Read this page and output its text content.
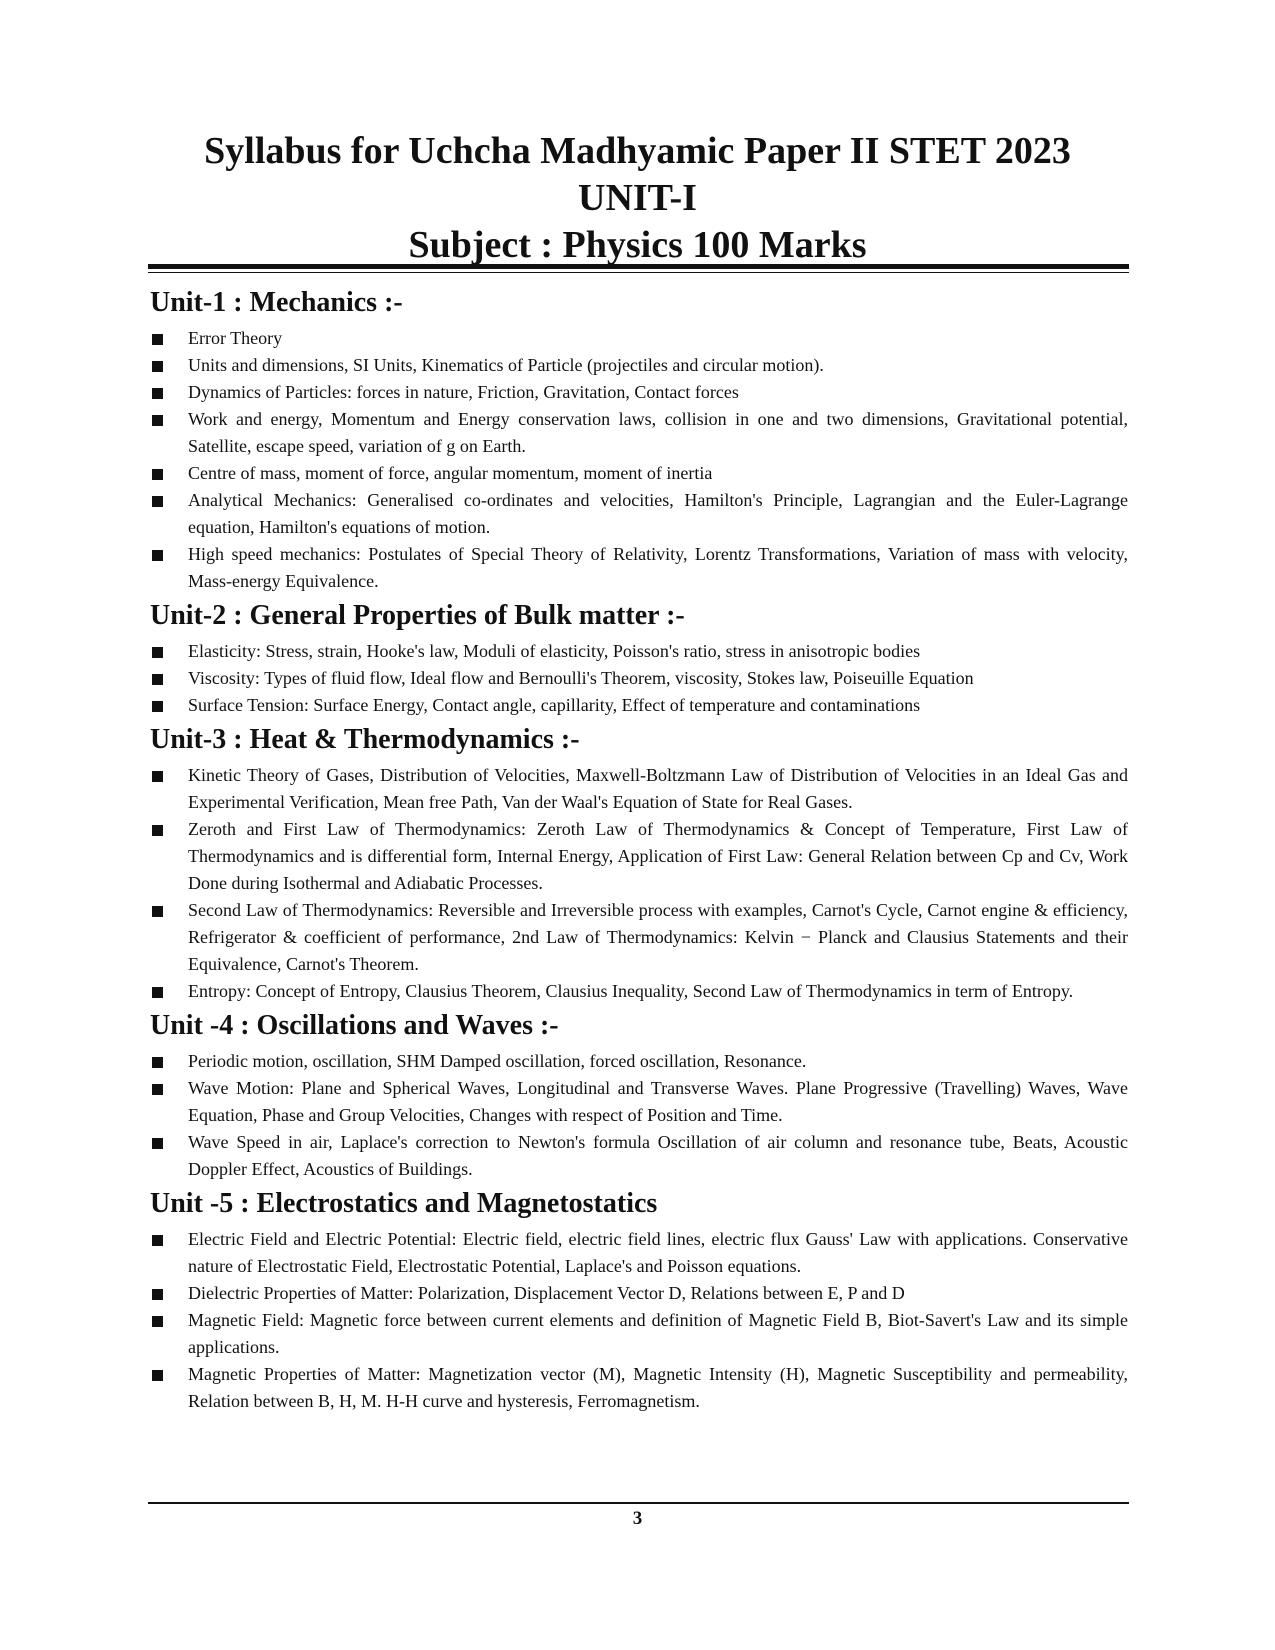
Syllabus for Uchcha Madhyamic Paper II STET 2023
UNIT-I
Subject : Physics 100 Marks
Unit-1 : Mechanics :-
Error Theory
Units and dimensions, SI Units, Kinematics of Particle (projectiles and circular motion).
Dynamics of Particles: forces in nature, Friction, Gravitation, Contact forces
Work and energy, Momentum and Energy conservation laws, collision in one and two dimensions, Gravitational potential, Satellite, escape speed, variation of g on Earth.
Centre of mass, moment of force, angular momentum, moment of inertia
Analytical Mechanics: Generalised co-ordinates and velocities, Hamilton's Principle, Lagrangian and the Euler-Lagrange equation, Hamilton's equations of motion.
High speed mechanics: Postulates of Special Theory of Relativity, Lorentz Transformations, Variation of mass with velocity, Mass-energy Equivalence.
Unit-2 : General Properties of Bulk matter :-
Elasticity: Stress, strain, Hooke's law, Moduli of elasticity, Poisson's ratio, stress in anisotropic bodies
Viscosity: Types of fluid flow, Ideal flow and Bernoulli's Theorem, viscosity, Stokes law, Poiseuille Equation
Surface Tension: Surface Energy, Contact angle, capillarity, Effect of temperature and contaminations
Unit-3 : Heat & Thermodynamics :-
Kinetic Theory of Gases, Distribution of Velocities, Maxwell-Boltzmann Law of Distribution of Velocities in an Ideal Gas and Experimental Verification, Mean free Path, Van der Waal's Equation of State for Real Gases.
Zeroth and First Law of Thermodynamics: Zeroth Law of Thermodynamics & Concept of Temperature, First Law of Thermodynamics and is differential form, Internal Energy, Application of First Law: General Relation between Cp and Cv, Work Done during Isothermal and Adiabatic Processes.
Second Law of Thermodynamics: Reversible and Irreversible process with examples, Carnot's Cycle, Carnot engine & efficiency, Refrigerator & coefficient of performance, 2nd Law of Thermodynamics: Kelvin − Planck and Clausius Statements and their Equivalence, Carnot's Theorem.
Entropy: Concept of Entropy, Clausius Theorem, Clausius Inequality, Second Law of Thermodynamics in term of Entropy.
Unit -4 : Oscillations and Waves :-
Periodic motion, oscillation, SHM Damped oscillation, forced oscillation, Resonance.
Wave Motion: Plane and Spherical Waves, Longitudinal and Transverse Waves. Plane Progressive (Travelling) Waves, Wave Equation, Phase and Group Velocities, Changes with respect of Position and Time.
Wave Speed in air, Laplace's correction to Newton's formula Oscillation of air column and resonance tube, Beats, Acoustic Doppler Effect, Acoustics of Buildings.
Unit -5 : Electrostatics and Magnetostatics
Electric Field and Electric Potential: Electric field, electric field lines, electric flux Gauss' Law with applications. Conservative nature of Electrostatic Field, Electrostatic Potential, Laplace's and Poisson equations.
Dielectric Properties of Matter: Polarization, Displacement Vector D, Relations between E, P and D
Magnetic Field: Magnetic force between current elements and definition of Magnetic Field B, Biot-Savert's Law and its simple applications.
Magnetic Properties of Matter: Magnetization vector (M), Magnetic Intensity (H), Magnetic Susceptibility and permeability, Relation between B, H, M. H-H curve and hysteresis, Ferromagnetism.
3
